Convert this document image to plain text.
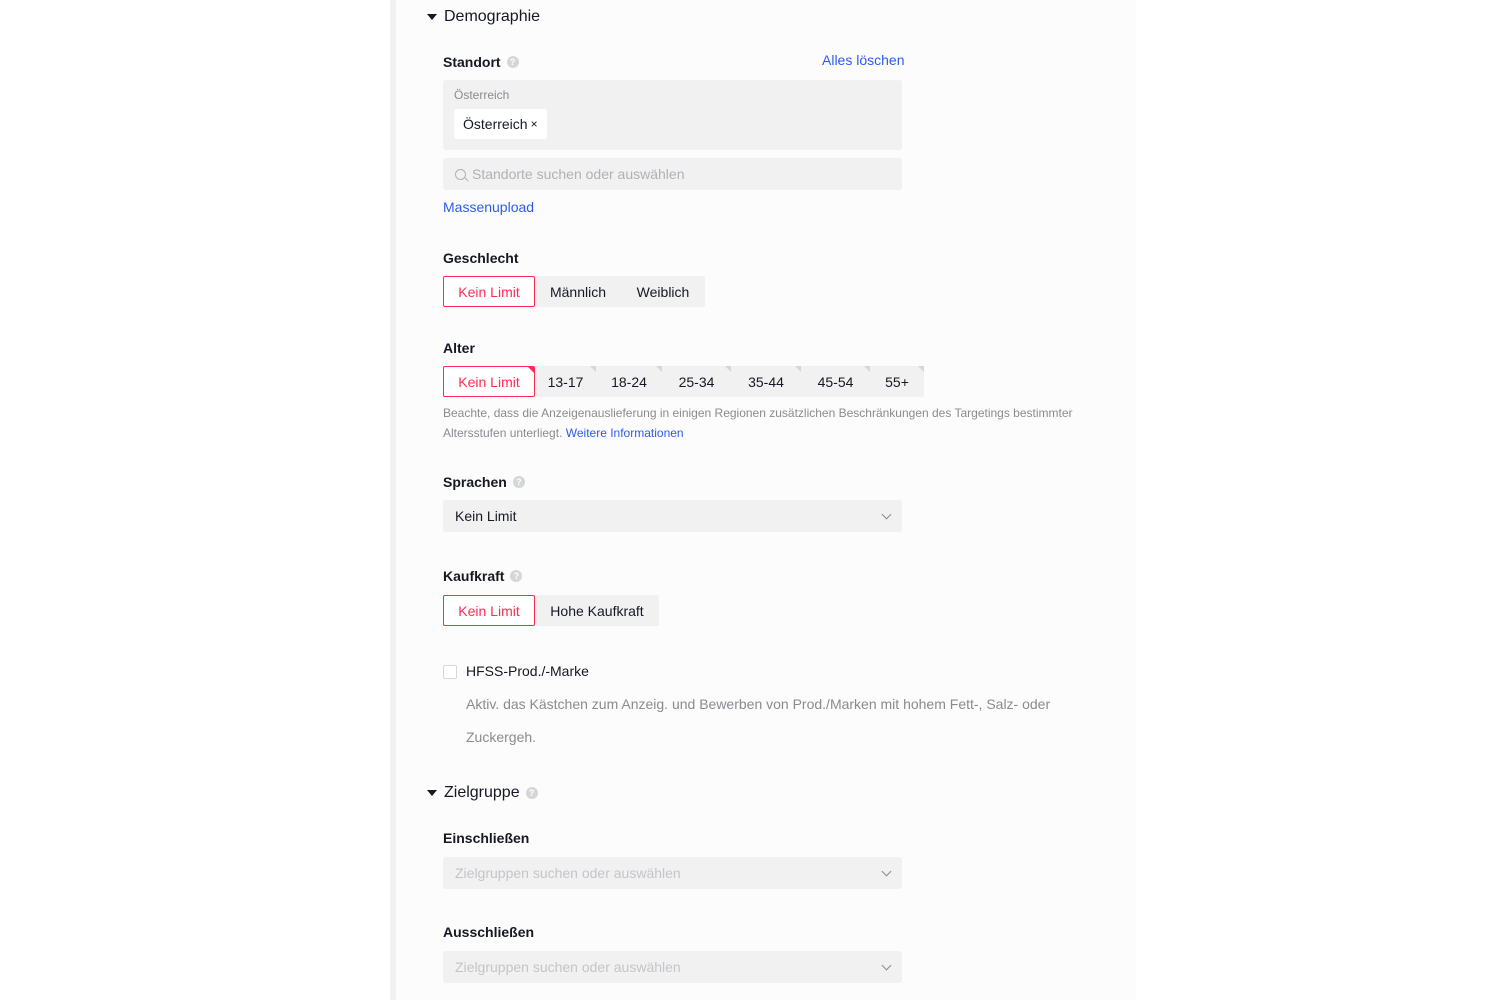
Demographie
Standort	?	Alles löschen
Österreich
Österreich ×
Standorte suchen oder auswählen
Massenupload
Geschlecht
Kein Limit	Männlich	Weiblich
Alter
Kein Limit 13-17 18-24 25-34 35-44 45-54 55+
Beachte, dass die Anzeigenauslieferung in einigen Regionen zusätzlichen Beschränkungen des Targetings bestimmter Altersstufen unterliegt. Weitere Informationen
Sprachen	?
Kein Limit
Kaufkraft	?
Kein Limit	Hohe Kaufkraft
HFSS-Prod./-Marke
Aktiv. das Kästchen zum Anzeig. und Bewerben von Prod./Marken mit hohem Fett-, Salz- oder Zuckergeh.
Zielgruppe	?
Einschließen
Zielgruppen suchen oder auswählen
Ausschließen
Zielgruppen suchen oder auswählen
